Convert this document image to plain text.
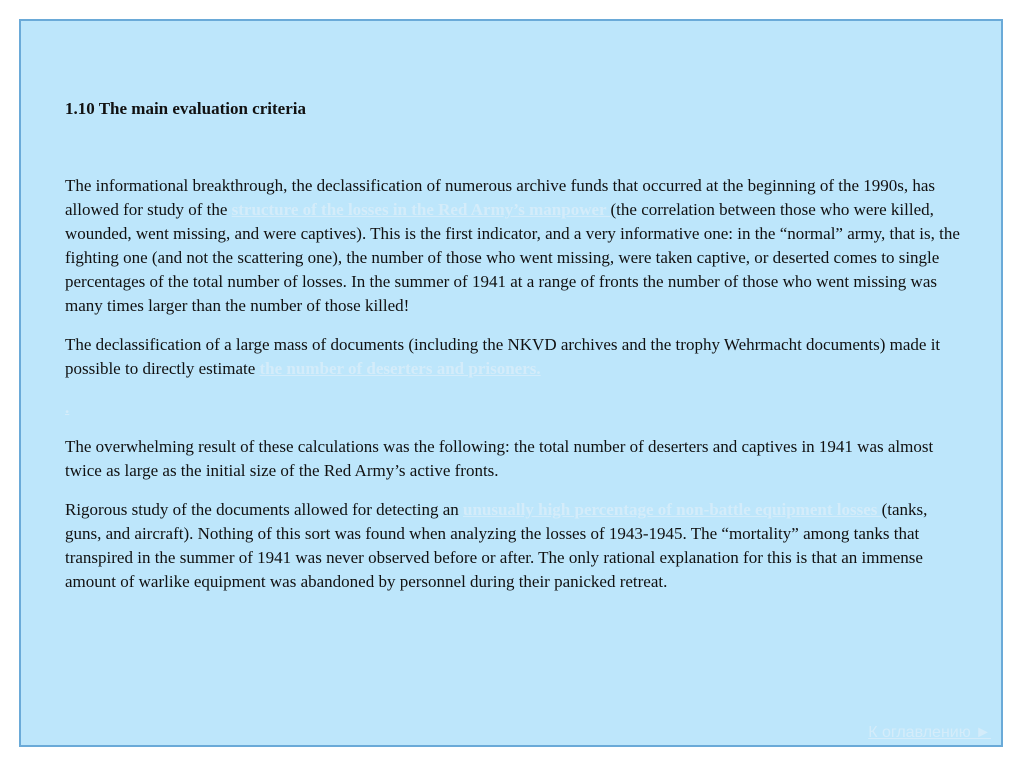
1.10 The main evaluation criteria

The informational breakthrough, the declassification of numerous archive funds that occurred at the beginning of the 1990s, has allowed for study of the structure of the losses in the Red Army’s manpower (the correlation between those who were killed, wounded, went missing, and were captives). This is the first indicator, and a very informative one: in the “normal” army, that is, the fighting one (and not the scattering one), the number of those who went missing, were taken captive, or deserted comes to single percentages of the total number of losses. In the summer of 1941 at a range of fronts the number of those who went missing was many times larger than the number of those killed!

The declassification of a large mass of documents (including the NKVD archives and the trophy Wehrmacht documents) made it possible to directly estimate the number of deserters and prisoners.

.

The overwhelming result of these calculations was the following: the total number of deserters and captives in 1941 was almost twice as large as the initial size of the Red Army’s active fronts.

Rigorous study of the documents allowed for detecting an unusually high percentage of non-battle equipment losses (tanks, guns, and aircraft). Nothing of this sort was found when analyzing the losses of 1943-1945. The “mortality” among tanks that transpired in the summer of 1941 was never observed before or after. The only rational explanation for this is that an immense amount of warlike equipment was abandoned by personnel during their panicked retreat.

К оглавлению ►
